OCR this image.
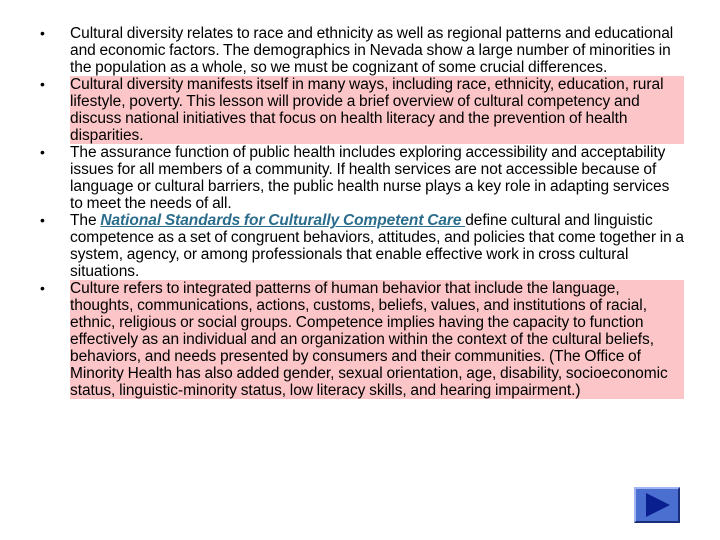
• Cultural diversity relates to race and ethnicity as well as regional patterns and educational and economic factors. The demographics in Nevada show a large number of minorities in the population as a whole, so we must be cognizant of some crucial differences.
• Cultural diversity manifests itself in many ways, including race, ethnicity, education, rural lifestyle, poverty. This lesson will provide a brief overview of cultural competency and discuss national initiatives that focus on health literacy and the prevention of health disparities.
• The assurance function of public health includes exploring accessibility and acceptability issues for all members of a community. If health services are not accessible because of language or cultural barriers, the public health nurse plays a key role in adapting services to meet the needs of all.
• The National Standards for Culturally Competent Care define cultural and linguistic competence as a set of congruent behaviors, attitudes, and policies that come together in a system, agency, or among professionals that enable effective work in cross cultural situations.
• Culture refers to integrated patterns of human behavior that include the language, thoughts, communications, actions, customs, beliefs, values, and institutions of racial, ethnic, religious or social groups. Competence implies having the capacity to function effectively as an individual and an organization within the context of the cultural beliefs, behaviors, and needs presented by consumers and their communities. (The Office of Minority Health has also added gender, sexual orientation, age, disability, socioeconomic status, linguistic-minority status, low literacy skills, and hearing impairment.)
